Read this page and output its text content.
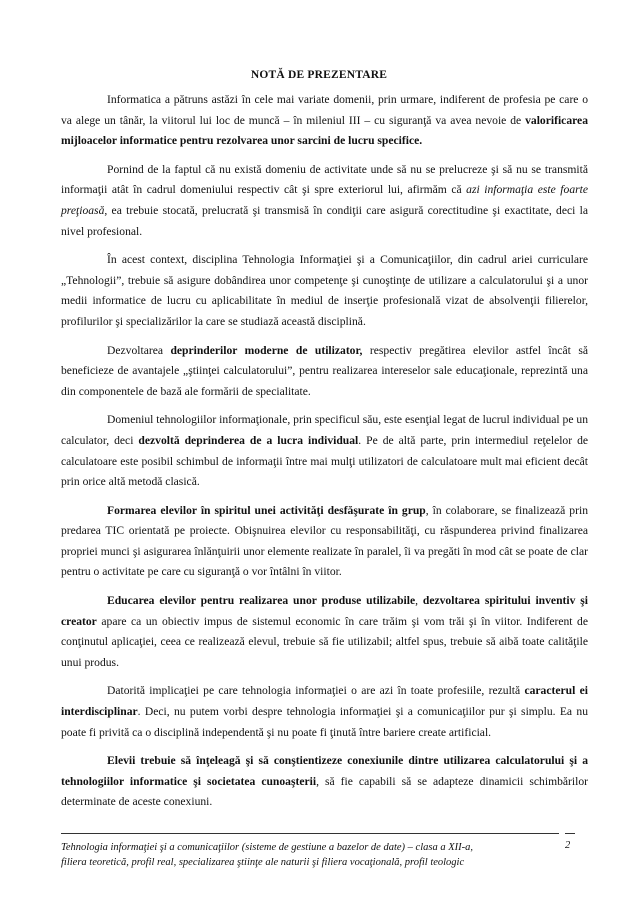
NOTĂ DE PREZENTARE

Informatica a pătruns astăzi în cele mai variate domenii, prin urmare, indiferent de profesia pe care o va alege un tânăr, la viitorul lui loc de muncă – în mileniul III – cu siguranţă va avea nevoie de valorificarea mijloacelor informatice pentru rezolvarea unor sarcini de lucru specifice.

Pornind de la faptul că nu există domeniu de activitate unde să nu se prelucreze şi să nu se transmită informaţii atât în cadrul domeniului respectiv cât şi spre exteriorul lui, afirmăm că azi informaţia este foarte preţioasă, ea trebuie stocată, prelucrată şi transmisă în condiţii care asigură corectitudine şi exactitate, deci la nivel profesional.

În acest context, disciplina Tehnologia Informaţiei şi a Comunicaţiilor, din cadrul ariei curriculare „Tehnologii”, trebuie să asigure dobândirea unor competenţe şi cunoştinţe de utilizare a calculatorului şi a unor medii informatice de lucru cu aplicabilitate în mediul de inserţie profesională vizat de absolvenţii filierelor, profilurilor şi specializărilor la care se studiază această disciplină.

Dezvoltarea deprinderilor moderne de utilizator, respectiv pregătirea elevilor astfel încât să beneficieze de avantajele „ştiinţei calculatorului”, pentru realizarea intereselor sale educaţionale, reprezintă una din componentele de bază ale formării de specialitate.

Domeniul tehnologiilor informaţionale, prin specificul său, este esenţial legat de lucrul individual pe un calculator, deci dezvoltă deprinderea de a lucra individual. Pe de altă parte, prin intermediul reţelelor de calculatoare este posibil schimbul de informaţii între mai mulţi utilizatori de calculatoare mult mai eficient decât prin orice altă metodă clasică.

Formarea elevilor în spiritul unei activităţi desfăşurate în grup, în colaborare, se finalizează prin predarea TIC orientată pe proiecte. Obişnuirea elevilor cu responsabilităţi, cu răspunderea privind finalizarea propriei munci şi asigurarea înlănţuirii unor elemente realizate în paralel, îi va pregăti în mod cât se poate de clar pentru o activitate pe care cu siguranţă o vor întâlni în viitor.

Educarea elevilor pentru realizarea unor produse utilizabile, dezvoltarea spiritului inventiv şi creator apare ca un obiectiv impus de sistemul economic în care trăim şi vom trăi şi în viitor. Indiferent de conţinutul aplicaţiei, ceea ce realizează elevul, trebuie să fie utilizabil; altfel spus, trebuie să aibă toate calităţile unui produs.

Datorită implicaţiei pe care tehnologia informaţiei o are azi în toate profesiile, rezultă caracterul ei interdisciplinar. Deci, nu putem vorbi despre tehnologia informaţiei şi a comunicaţiilor pur şi simplu. Ea nu poate fi privită ca o disciplină independentă şi nu poate fi ţinută între bariere create artificial.

Elevii trebuie să înţeleagă şi să conştientizeze conexiunile dintre utilizarea calculatorului şi a tehnologiilor informatice şi societatea cunoaşterii, să fie capabili să se adapteze dinamicii schimbărilor determinate de aceste conexiuni.

Tehnologia informaţiei şi a comunicaţiilor (sisteme de gestiune a bazelor de date) – clasa a XII-a,
filiera teoretică, profil real, specializarea ştiinţe ale naturii şi filiera vocaţională, profil teologic
2
